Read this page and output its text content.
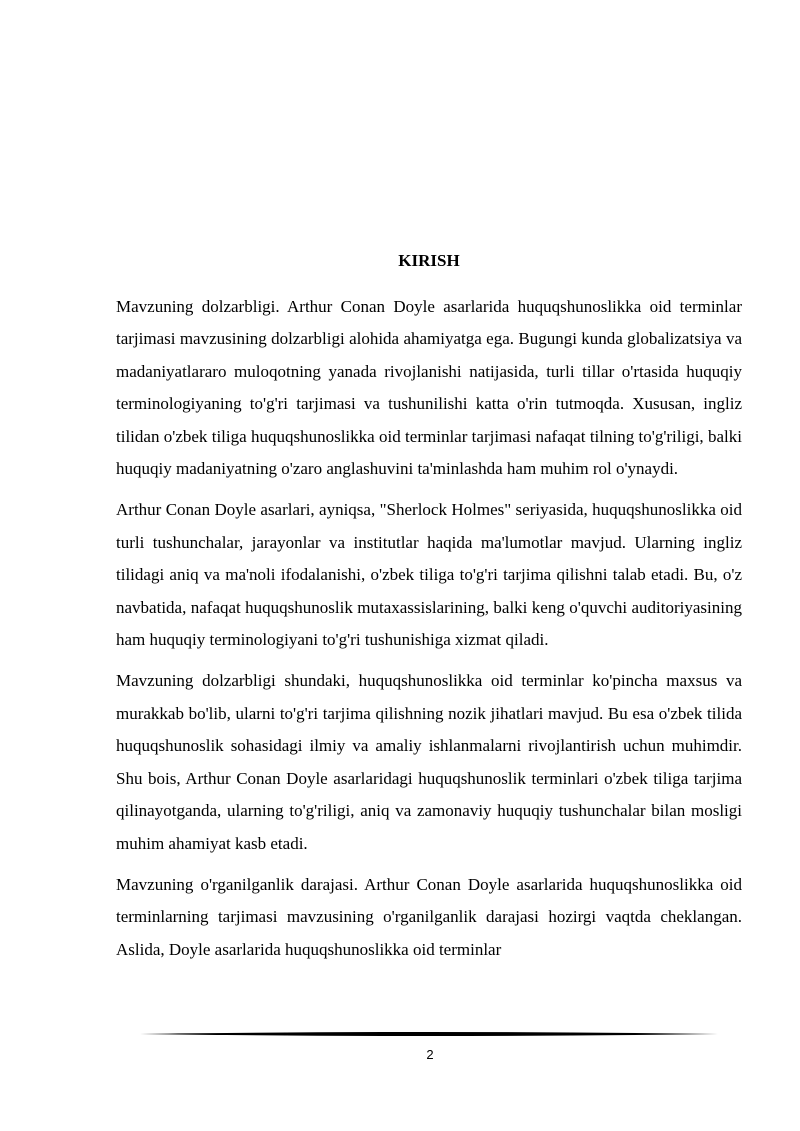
KIRISH

Mavzuning dolzarbligi. Arthur Conan Doyle asarlarida huquqshunoslikka oid terminlar tarjimasi mavzusining dolzarbligi alohida ahamiyatga ega. Bugungi kunda globalizatsiya va madaniyatlararo muloqotning yanada rivojlanishi natijasida, turli tillar o'rtasida huquqiy terminologiyaning to'g'ri tarjimasi va tushunilishi katta o'rin tutmoqda. Xususan, ingliz tilidan o'zbek tiliga huquqshunoslikka oid terminlar tarjimasi nafaqat tilning to'g'riligi, balki huquqiy madaniyatning o'zaro anglashuvini ta'minlashda ham muhim rol o'ynaydi.

Arthur Conan Doyle asarlari, ayniqsa, "Sherlock Holmes" seriyasida, huquqshunoslikka oid turli tushunchalar, jarayonlar va institutlar haqida ma'lumotlar mavjud. Ularning ingliz tilidagi aniq va ma'noli ifodalanishi, o'zbek tiliga to'g'ri tarjima qilishni talab etadi. Bu, o'z navbatida, nafaqat huquqshunoslik mutaxassislarining, balki keng o'quvchi auditoriyasining ham huquqiy terminologiyani to'g'ri tushunishiga xizmat qiladi.

Mavzuning dolzarbligi shundaki, huquqshunoslikka oid terminlar ko'pincha maxsus va murakkab bo'lib, ularni to'g'ri tarjima qilishning nozik jihatlari mavjud. Bu esa o'zbek tilida huquqshunoslik sohasidagi ilmiy va amaliy ishlanmalarni rivojlantirish uchun muhimdir. Shu bois, Arthur Conan Doyle asarlaridagi huquqshunoslik terminlari o'zbek tiliga tarjima qilinayotganda, ularning to'g'riligi, aniq va zamonaviy huquqiy tushunchalar bilan mosligi muhim ahamiyat kasb etadi.

Mavzuning o'rganilganlik darajasi. Arthur Conan Doyle asarlarida huquqshunoslikka oid terminlarning tarjimasi mavzusining o'rganilganlik darajasi hozirgi vaqtda cheklangan. Aslida, Doyle asarlarida huquqshunoslikka oid terminlar

2
